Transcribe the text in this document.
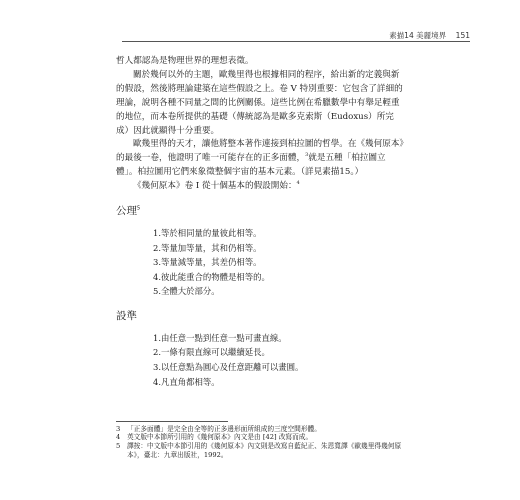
素描14 美麗境界 151

哲人都認為是物理世界的理想表徵。

關於幾何以外的主題，歐幾里得也根據相同的程序，給出新的定義與新的假設，然後將理論建築在這些假設之上。卷 V 特別重要：它包含了詳細的理論，說明各種不同量之間的比例關係。這些比例在希臘數學中有舉足輕重的地位，而本卷所提供的基礎（傳統認為是歐多克索斯（Eudoxus）所完成）因此就顯得十分重要。

歐幾里得的天才，讓他將整本著作連接到柏拉圖的哲學。在《幾何原本》的最後一卷，他證明了唯一可能存在的正多面體，$^3$就是五種「柏拉圖立體」。柏拉圖用它們來象徵整個宇宙的基本元素。（詳見素描15。）

《幾何原本》卷 I 從十個基本的假設開始：$^4$

公理$^5$
1.等於相同量的量彼此相等。
2.等量加等量，其和仍相等。
3.等量減等量，其差仍相等。
4.彼此能重合的物體是相等的。
5.全體大於部分。
設準
1.由任意一點到任意一點可畫直線。
2.一條有限直線可以繼續延長。
3.以任意點為圓心及任意距離可以畫圓。
4.凡直角都相等。
3	「正多面體」是完全由全等的正多邊形面所組成的三度空間形體。
4	英文版中本節所引用的《幾何原本》內文是由 [42] 改寫而成。
5	譯按：中文版中本節引用的《幾何原本》內文則是改寫自藍紀正、朱恩寬譯《歐幾里得幾何原本》，臺北：九章出版社，1992。
